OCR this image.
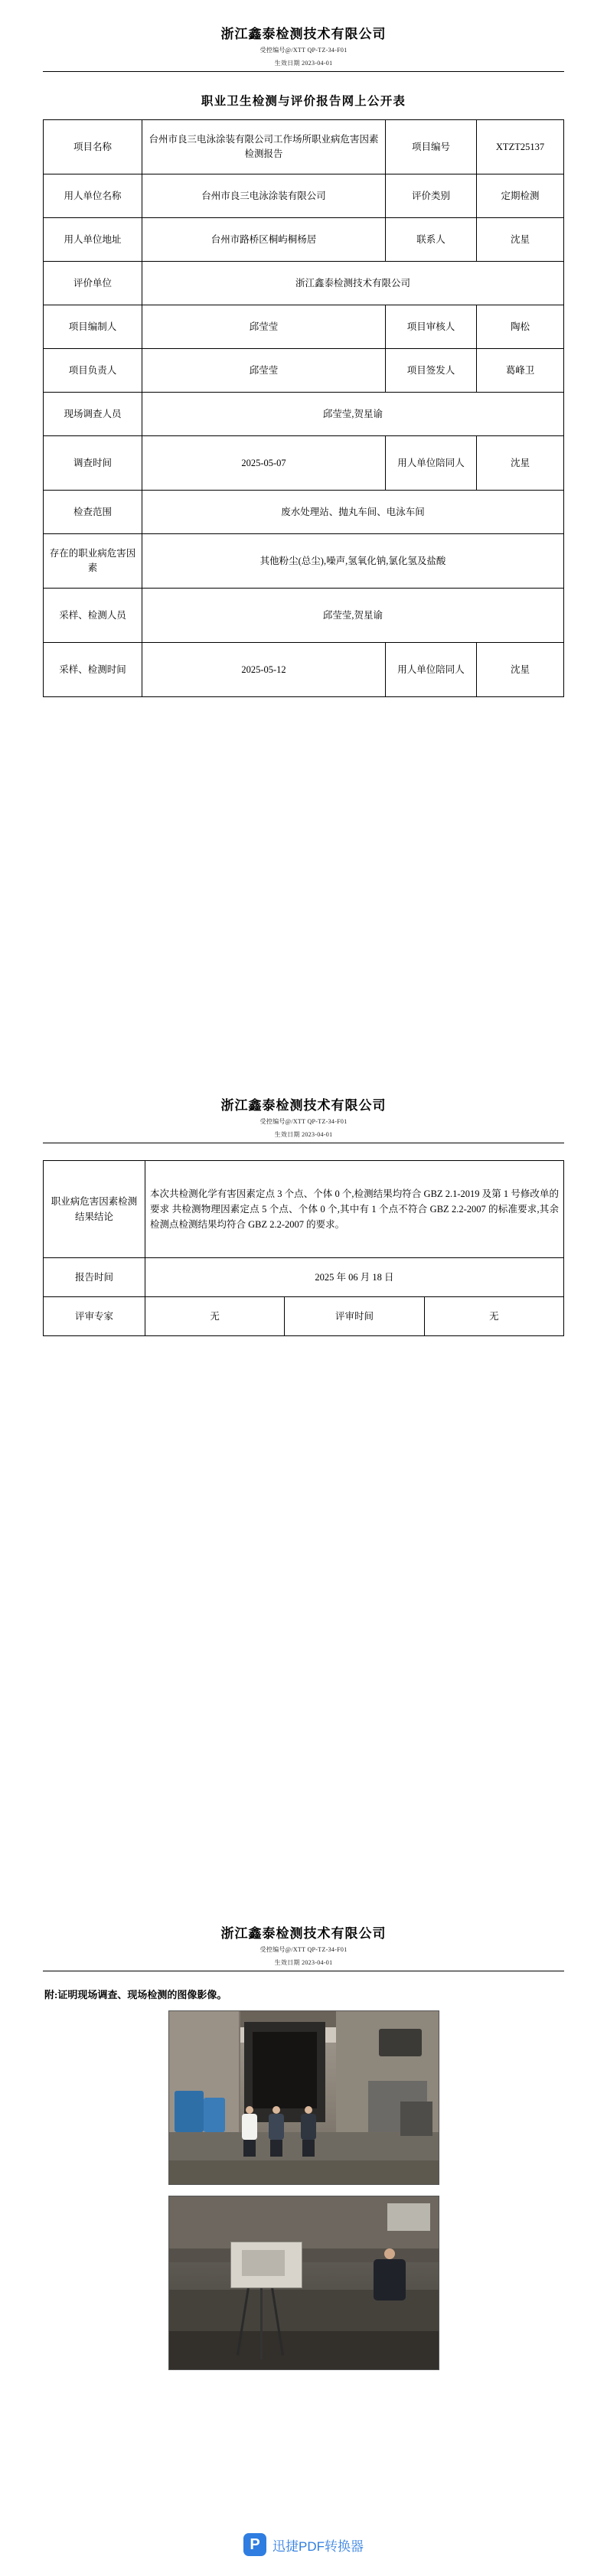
浙江鑫泰检测技术有限公司
受控编号@/XTT QP-TZ-34-F01
生效日期 2023-04-01
职业卫生检测与评价报告网上公开表
项目名称	台州市良三电泳涂装有限公司工作场所职业病危害因素检测报告	项目编号	XTZT25137
用人单位名称	台州市良三电泳涂装有限公司	评价类别	定期检测
用人单位地址	台州市路桥区桐屿桐杨居	联系人	沈星
评价单位	浙江鑫泰检测技术有限公司		
项目编制人	邱莹莹	项目审核人	陶松
项目负责人	邱莹莹	项目签发人	葛峰卫
现场调查人员	邱莹莹,贺星谕		
调查时间	2025-05-07	用人单位陪同人	沈星
检查范围	废水处理站、抛丸车间、电泳车间		
存在的职业病危害因素	其他粉尘(总尘),噪声,氢氧化钠,氯化氢及盐酸		
采样、检测人员	邱莹莹,贺星谕		
采样、检测时间	2025-05-12	用人单位陪同人	沈星
浙江鑫泰检测技术有限公司
受控编号@/XTT QP-TZ-34-F01
生效日期 2023-04-01
职业病危害因素检测结果结论	本次共检测化学有害因素定点 3 个点、个体 0 个,检测结果均符合 GBZ 2.1-2019 及第 1 号修改单的要求 共检测物理因素定点 5 个点、个体 0 个,其中有 1 个点不符合 GBZ 2.2-2007 的标准要求,其余检测点检测结果均符合 GBZ 2.2-2007 的要求。		
报告时间	2025 年 06 月 18 日		
评审专家	无	评审时间	无
浙江鑫泰检测技术有限公司
受控编号@/XTT QP-TZ-34-F01
生效日期 2023-04-01
附:证明现场调查、现场检测的图像影像。
P 迅捷PDF转换器
